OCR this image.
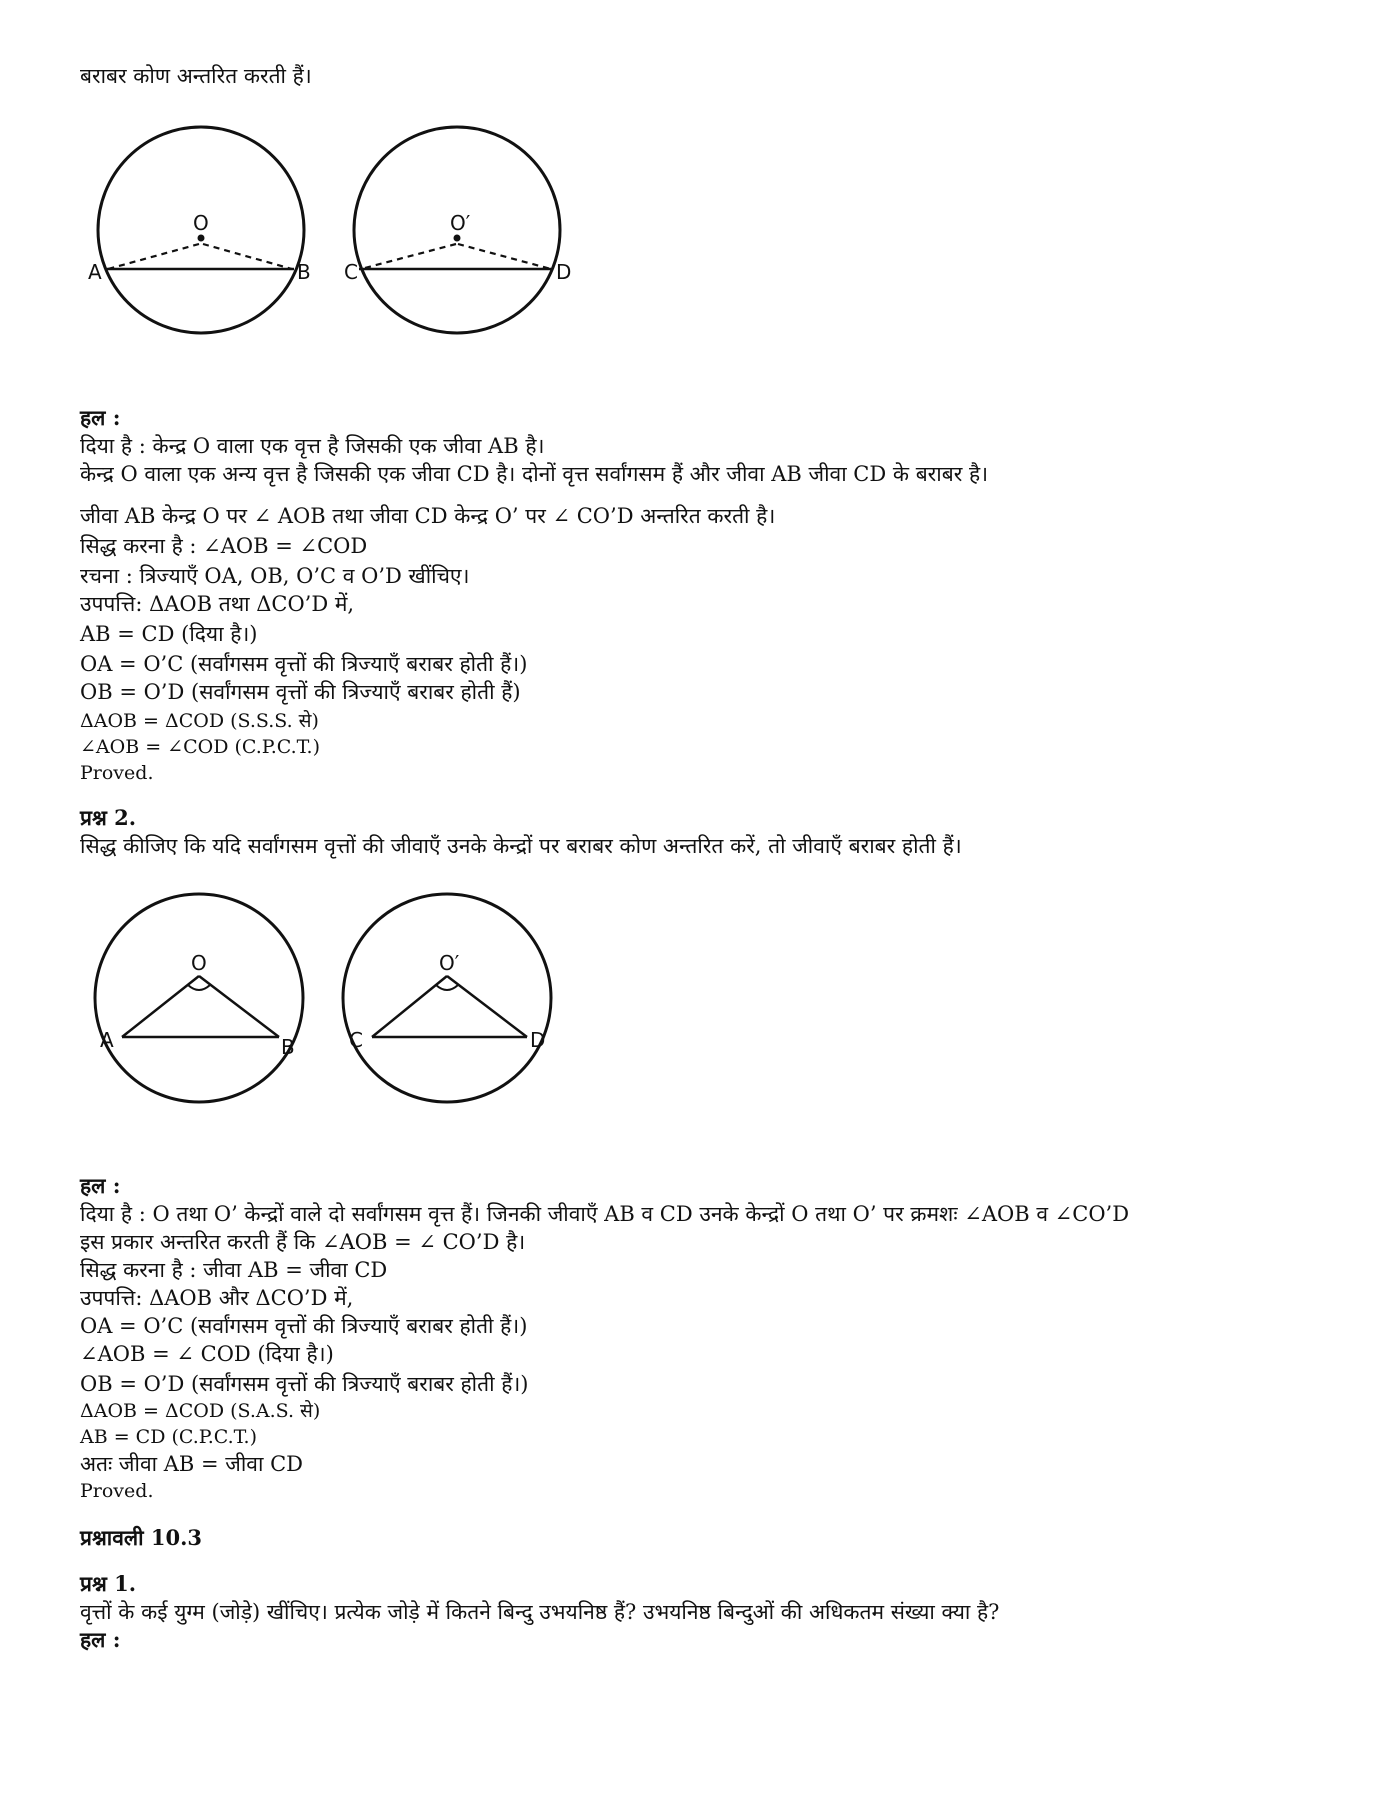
बराबर कोण अन्तरित करती हैं।
O
A	B
O′
C	D
हल :
दिया है : केन्द्र O वाला एक वृत्त है जिसकी एक जीवा AB है।
केन्द्र O वाला एक अन्य वृत्त है जिसकी एक जीवा CD है। दोनों वृत्त सर्वांगसम हैं और जीवा AB जीवा CD के बराबर है।
जीवा AB केन्द्र O पर ∠ AOB तथा जीवा CD केन्द्र O’ पर ∠ CO’D अन्तरित करती है।
सिद्ध करना है : ∠AOB = ∠COD
रचना : त्रिज्याएँ OA, OB, O’C व O’D खींचिए।
उपपत्ति: ΔAOB तथा ΔCO’D में,
AB = CD (दिया है।)
OA = O’C (सर्वांगसम वृत्तों की त्रिज्याएँ बराबर होती हैं।)
OB = O’D (सर्वांगसम वृत्तों की त्रिज्याएँ बराबर होती हैं)
ΔAOB = ΔCOD (S.S.S. से)
∠AOB = ∠COD (C.P.C.T.)
Proved.
प्रश्न 2.
सिद्ध कीजिए कि यदि सर्वांगसम वृत्तों की जीवाएँ उनके केन्द्रों पर बराबर कोण अन्तरित करें, तो जीवाएँ बराबर होती हैं।
O
A	B
O′
C	D
हल :
दिया है : O तथा O’ केन्द्रों वाले दो सर्वांगसम वृत्त हैं। जिनकी जीवाएँ AB व CD उनके केन्द्रों O तथा O’ पर क्रमशः ∠AOB व ∠CO’D
इस प्रकार अन्तरित करती हैं कि ∠AOB = ∠ CO’D है।
सिद्ध करना है : जीवा AB = जीवा CD
उपपत्ति: ΔAOB और ΔCO’D में,
OA = O’C (सर्वांगसम वृत्तों की त्रिज्याएँ बराबर होती हैं।)
∠AOB = ∠ COD (दिया है।)
OB = O’D (सर्वांगसम वृत्तों की त्रिज्याएँ बराबर होती हैं।)
ΔAOB = ΔCOD (S.A.S. से)
AB = CD (C.P.C.T.)
अतः जीवा AB = जीवा CD
Proved.
प्रश्नावली 10.3
प्रश्न 1.
वृत्तों के कई युग्म (जोड़े) खींचिए। प्रत्येक जोड़े में कितने बिन्दु उभयनिष्ठ हैं? उभयनिष्ठ बिन्दुओं की अधिकतम संख्या क्या है?
हल :
